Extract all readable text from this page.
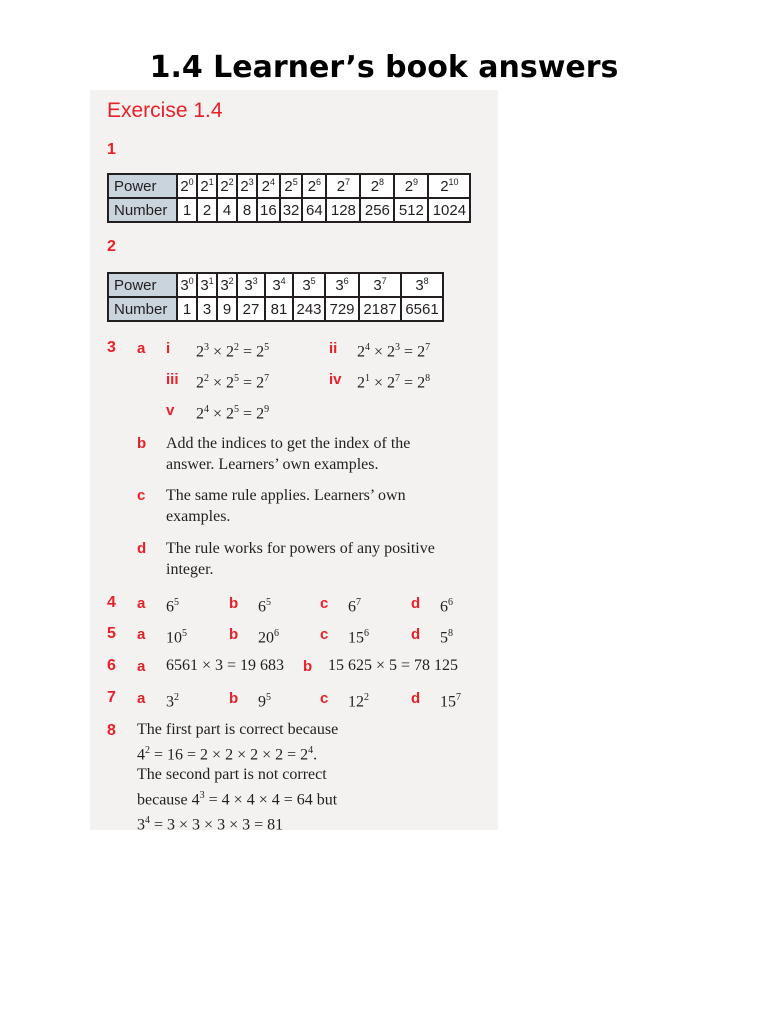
1.4 Learner’s book answers
Exercise 1.4
1
Power	$2^0$	$2^1$	$2^2$	$2^3$	$2^4$	$2^5$	$2^6$	$2^7$	$2^8$	$2^9$	$2^{10}$
Number	1	2	4	8	16	32	64	128	256	512	1024
2
Power	$3^0$	$3^1$	$3^2$	$3^3$	$3^4$	$3^5$	$3^6$	$3^7$	$3^8$
Number	1	3	9	27	81	243	729	2187	6561
3 a i $2^3 \times 2^2 = 2^5$	ii $2^4 \times 2^3 = 2^7$
iii $2^2 \times 2^5 = 2^7$	iv $2^1 \times 2^7 = 2^8$
v $2^4 \times 2^5 = 2^9$
b Add the indices to get the index of the
answer. Learners’ own examples.
c The same rule applies. Learners’ own
examples.
d The rule works for powers of any positive
integer.
4 a $6^5$	b $6^5$	c $6^7$	d $6^6$
5 a $10^5$	b $20^6$	c $15^6$	d $5^8$
6 a 6561 × 3 = 19 683 b 15 625 × 5 = 78 125
7 a $3^2$	b $9^5$	c $12^2$	d $15^7$
8 The first part is correct because
$4^2 = 16 = 2 \times 2 \times 2 \times 2 = 2^4$.
The second part is not correct
because $4^3 = 4 \times 4 \times 4 = 64$ but
$3^4 = 3 \times 3 \times 3 \times 3 = 81$
